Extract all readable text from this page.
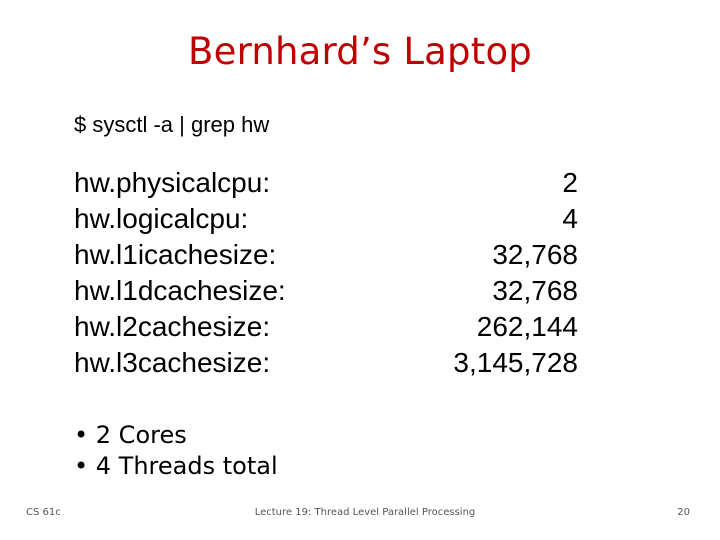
Bernhard’s Laptop
$ sysctl -a | grep hw
hw.physicalcpu:	2
hw.logicalcpu:	4
hw.l1icachesize:	32,768
hw.l1dcachesize:	32,768
hw.l2cachesize:	262,144
hw.l3cachesize:	3,145,728
• 2 Cores
• 4 Threads total
CS 61c	Lecture 19: Thread Level Parallel Processing	20
